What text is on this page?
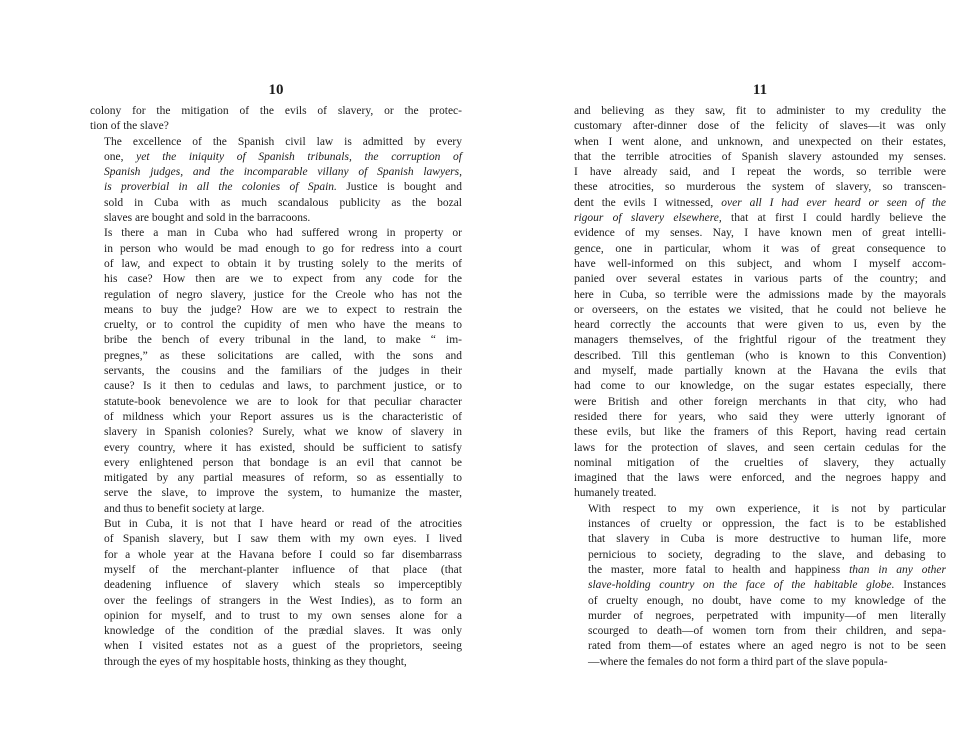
10
colony for the mitigation of the evils of slavery, or the protec-
tion of the slave?
The excellence of the Spanish civil law is admitted by every
one, yet the iniquity of Spanish tribunals, the corruption of
Spanish judges, and the incomparable villany of Spanish lawyers,
is proverbial in all the colonies of Spain. Justice is bought and
sold in Cuba with as much scandalous publicity as the bozal
slaves are bought and sold in the barracoons.
Is there a man in Cuba who had suffered wrong in property or
in person who would be mad enough to go for redress into a court
of law, and expect to obtain it by trusting solely to the merits of
his case? How then are we to expect from any code for the
regulation of negro slavery, justice for the Creole who has not the
means to buy the judge? How are we to expect to restrain the
cruelty, or to control the cupidity of men who have the means to
bribe the bench of every tribunal in the land, to make “ im-
pregnes,” as these solicitations are called, with the sons and
servants, the cousins and the familiars of the judges in their
cause? Is it then to cedulas and laws, to parchment justice, or to
statute-book benevolence we are to look for that peculiar character
of mildness which your Report assures us is the characteristic of
slavery in Spanish colonies? Surely, what we know of slavery in
every country, where it has existed, should be sufficient to satisfy
every enlightened person that bondage is an evil that cannot be
mitigated by any partial measures of reform, so as essentially to
serve the slave, to improve the system, to humanize the master,
and thus to benefit society at large.
But in Cuba, it is not that I have heard or read of the atrocities
of Spanish slavery, but I saw them with my own eyes. I lived
for a whole year at the Havana before I could so far disembarrass
myself of the merchant-planter influence of that place (that
deadening influence of slavery which steals so imperceptibly
over the feelings of strangers in the West Indies), as to form an
opinion for myself, and to trust to my own senses alone for a
knowledge of the condition of the prædial slaves. It was only
when I visited estates not as a guest of the proprietors, seeing
through the eyes of my hospitable hosts, thinking as they thought,
11
and believing as they saw, fit to administer to my credulity the
customary after-dinner dose of the felicity of slaves—it was only
when I went alone, and unknown, and unexpected on their estates,
that the terrible atrocities of Spanish slavery astounded my senses.
I have already said, and I repeat the words, so terrible were
these atrocities, so murderous the system of slavery, so transcen-
dent the evils I witnessed, over all I had ever heard or seen of the
rigour of slavery elsewhere, that at first I could hardly believe the
evidence of my senses. Nay, I have known men of great intelli-
gence, one in particular, whom it was of great consequence to
have well-informed on this subject, and whom I myself accom-
panied over several estates in various parts of the country; and
here in Cuba, so terrible were the admissions made by the mayorals
or overseers, on the estates we visited, that he could not believe he
heard correctly the accounts that were given to us, even by the
managers themselves, of the frightful rigour of the treatment they
described. Till this gentleman (who is known to this Convention)
and myself, made partially known at the Havana the evils that
had come to our knowledge, on the sugar estates especially, there
were British and other foreign merchants in that city, who had
resided there for years, who said they were utterly ignorant of
these evils, but like the framers of this Report, having read certain
laws for the protection of slaves, and seen certain cedulas for the
nominal mitigation of the cruelties of slavery, they actually
imagined that the laws were enforced, and the negroes happy and
humanely treated.
With respect to my own experience, it is not by particular
instances of cruelty or oppression, the fact is to be established
that slavery in Cuba is more destructive to human life, more
pernicious to society, degrading to the slave, and debasing to
the master, more fatal to health and happiness than in any other
slave-holding country on the face of the habitable globe. Instances
of cruelty enough, no doubt, have come to my knowledge of the
murder of negroes, perpetrated with impunity—of men literally
scourged to death—of women torn from their children, and sepa-
rated from them—of estates where an aged negro is not to be seen
—where the females do not form a third part of the slave popula-
